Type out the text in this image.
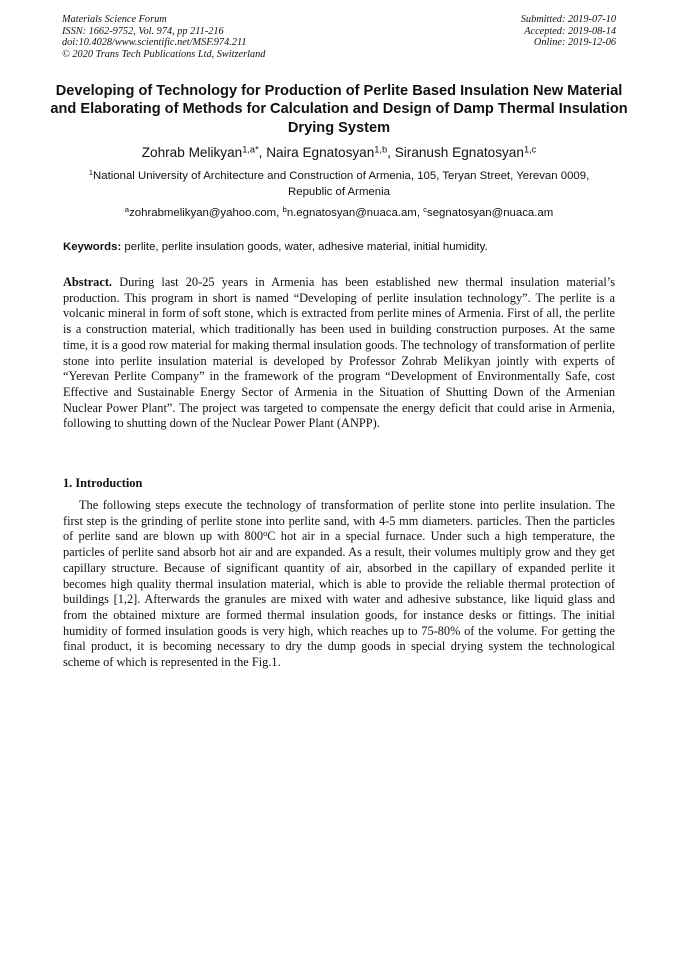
Materials Science Forum
ISSN: 1662-9752, Vol. 974, pp 211-216
doi:10.4028/www.scientific.net/MSF.974.211
© 2020 Trans Tech Publications Ltd, Switzerland
Submitted: 2019-07-10
Accepted: 2019-08-14
Online: 2019-12-06
Developing of Technology for Production of Perlite Based Insulation New Material and Elaborating of Methods for Calculation and Design of Damp Thermal Insulation Drying System
Zohrab Melikyan$^{1,a*}$, Naira Egnatosyan$^{1,b}$, Siranush Egnatosyan$^{1,c}$
$^1$National University of Architecture and Construction of Armenia, 105, Teryan Street, Yerevan 0009, Republic of Armenia
$^a$zohrabmelikyan@yahoo.com, $^b$n.egnatosyan@nuaca.am, $^c$segnatosyan@nuaca.am
Keywords: perlite, perlite insulation goods, water, adhesive material, initial humidity.
Abstract. During last 20-25 years in Armenia has been established new thermal insulation material’s production. This program in short is named “Developing of perlite insulation technology”. The perlite is a volcanic mineral in form of soft stone, which is extracted from perlite mines of Armenia. First of all, the perlite is a construction material, which traditionally has been used in building construction purposes. At the same time, it is a good row material for making thermal insulation goods. The technology of transformation of perlite stone into perlite insulation material is developed by Professor Zohrab Melikyan jointly with experts of “Yerevan Perlite Company” in the framework of the program “Development of Environmentally Safe, cost Effective and Sustainable Energy Sector of Armenia in the Situation of Shutting Down of the Armenian Nuclear Power Plant”. The project was targeted to compensate the energy deficit that could arise in Armenia, following to shutting down of the Nuclear Power Plant (ANPP).
1. Introduction
The following steps execute the technology of transformation of perlite stone into perlite insulation. The first step is the grinding of perlite stone into perlite sand, with 4-5 mm diameters. particles. Then the particles of perlite sand are blown up with 800$^o$C hot air in a special furnace. Under such a high temperature, the particles of perlite sand absorb hot air and are expanded. As a result, their volumes multiply grow and they get capillary structure. Because of significant quantity of air, absorbed in the capillary of expanded perlite it becomes high quality thermal insulation material, which is able to provide the reliable thermal protection of buildings [1,2]. Afterwards the granules are mixed with water and adhesive substance, like liquid glass and from the obtained mixture are formed thermal insulation goods, for instance desks or fittings. The initial humidity of formed insulation goods is very high, which reaches up to 75-80% of the volume. For getting the final product, it is becoming necessary to dry the dump goods in special drying system the technological scheme of which is represented in the Fig.1.
